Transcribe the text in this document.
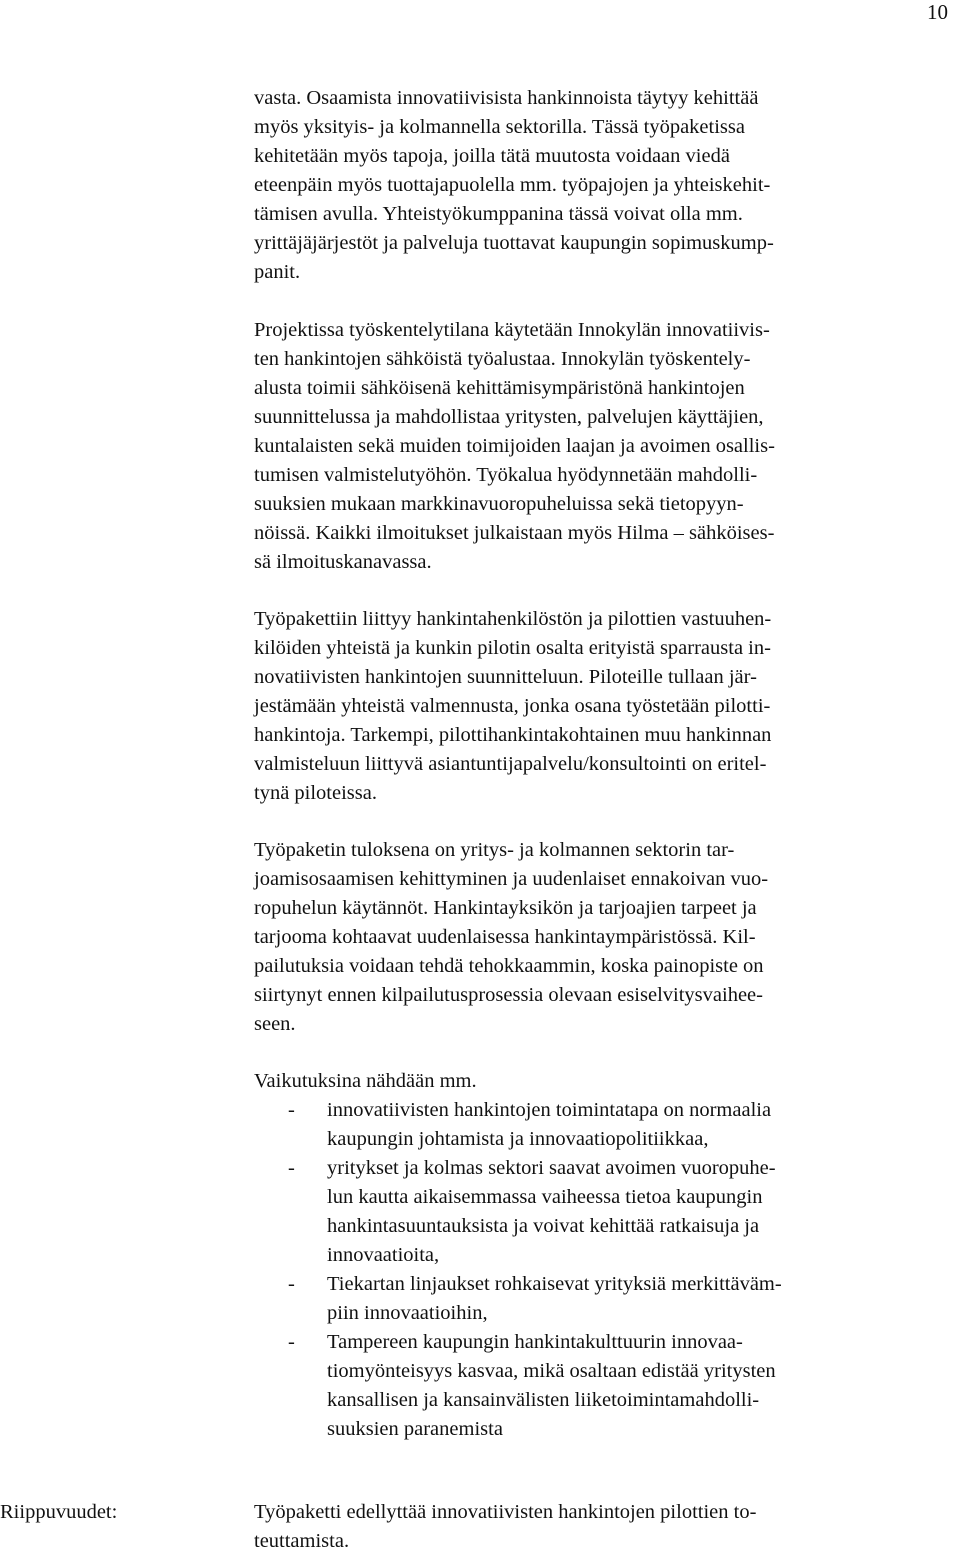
10
vasta. Osaamista innovatiivisista hankinnoista täytyy kehittää
myös yksityis- ja kolmannella sektorilla. Tässä työpaketissa
kehitetään myös tapoja, joilla tätä muutosta voidaan viedä
eteenpäin myös tuottajapuolella mm. työpajojen ja yhteiskehit-
tämisen avulla. Yhteistyökumppanina tässä voivat olla mm.
yrittäjäjärjestöt ja palveluja tuottavat kaupungin sopimuskump-
panit.
Projektissa työskentelytilana käytetään Innokylän innovatiivis-
ten hankintojen sähköistä työalustaa. Innokylän työskentely-
alusta toimii sähköisenä kehittämisympäristönä hankintojen
suunnittelussa ja mahdollistaa yritysten, palvelujen käyttäjien,
kuntalaisten sekä muiden toimijoiden laajan ja avoimen osallis-
tumisen valmistelutyöhön. Työkalua hyödynnetään mahdolli-
suuksien mukaan markkinavuoropuheluissa sekä tietopyyn-
nöissä. Kaikki ilmoitukset julkaistaan myös Hilma – sähköises-
sä ilmoituskanavassa.
Työpakettiin liittyy hankintahenkilöstön ja pilottien vastuuhen-
kilöiden yhteistä ja kunkin pilotin osalta erityistä sparrausta in-
novatiivisten hankintojen suunnitteluun. Piloteille tullaan jär-
jestämään yhteistä valmennusta, jonka osana työstetään pilotti-
hankintoja. Tarkempi, pilottihankintakohtainen muu hankinnan
valmisteluun liittyvä asiantuntijapalvelu/konsultointi on eritel-
tynä piloteissa.
Työpaketin tuloksena on yritys- ja kolmannen sektorin tar-
joamisosaamisen kehittyminen ja uudenlaiset ennakoivan vuo-
ropuhelun käytännöt. Hankintayksikön ja tarjoajien tarpeet ja
tarjooma kohtaavat uudenlaisessa hankintaympäristössä. Kil-
pailutuksia voidaan tehdä tehokkaammin, koska painopiste on
siirtynyt ennen kilpailutusprosessia olevaan esiselvitysvaihee-
seen.
Vaikutuksina nähdään mm.
- innovatiivisten hankintojen toimintatapa on normaalia
kaupungin johtamista ja innovaatiopolitiikkaa,
- yritykset ja kolmas sektori saavat avoimen vuoropuhe-
lun kautta aikaisemmassa vaiheessa tietoa kaupungin
hankintasuuntauksista ja voivat kehittää ratkaisuja ja
innovaatioita,
- Tiekartan linjaukset rohkaisevat yrityksiä merkittäväm-
piin innovaatioihin,
- Tampereen kaupungin hankintakulttuurin innovaa-
tiomyönteisyys kasvaa, mikä osaltaan edistää yritysten
kansallisen ja kansainvälisten liiketoimintamahdolli-
suuksien paranemista
Riippuvuudet:	Työpaketti edellyttää innovatiivisten hankintojen pilottien to-
teuttamista.
